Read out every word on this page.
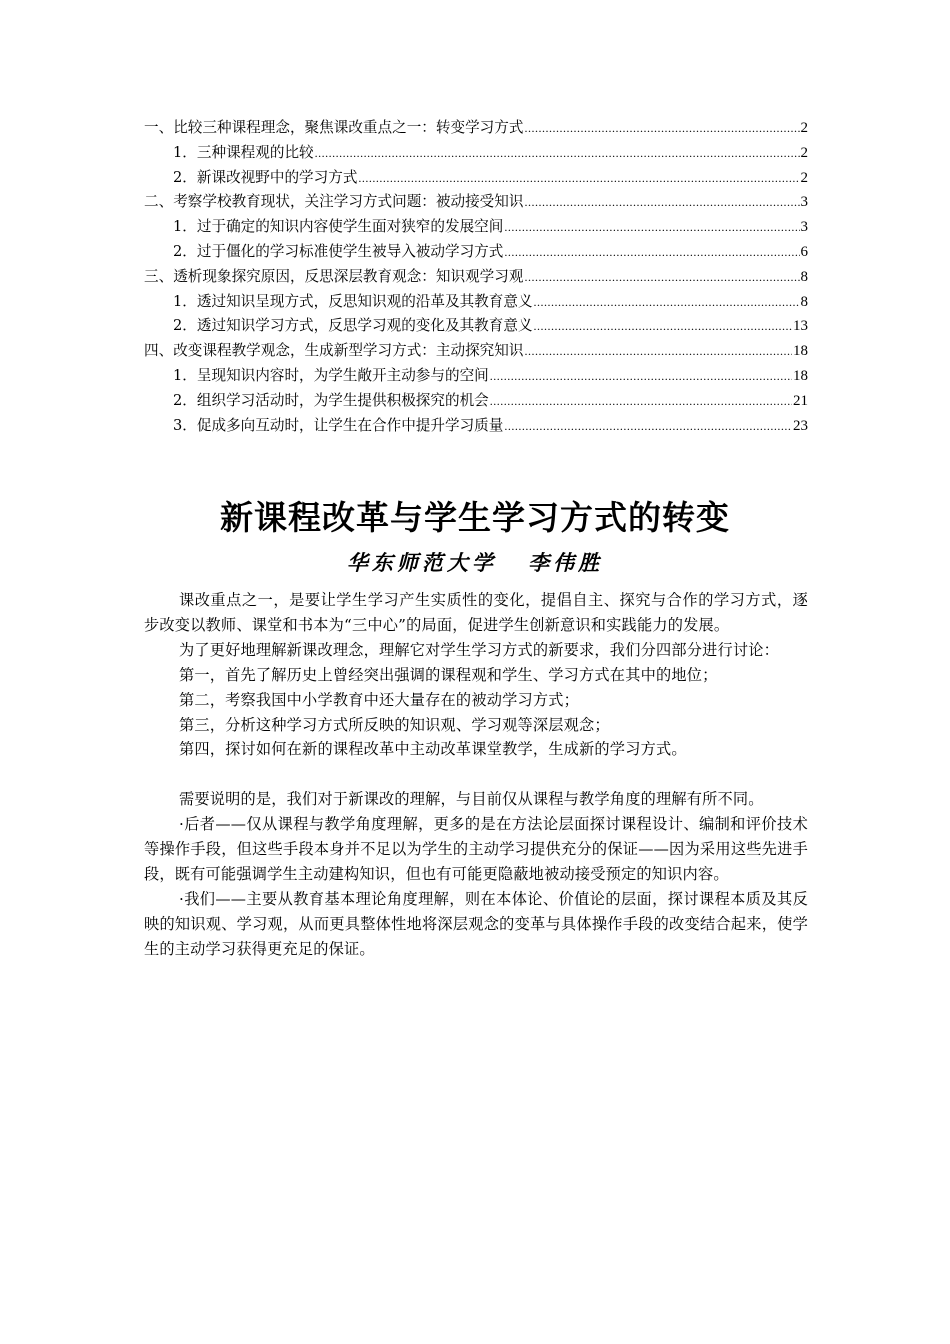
一、比较三种课程理念，聚焦课改重点之一：转变学习方式 .....	2
1．三种课程观的比较 .....	2
2．新课改视野中的学习方式 .....	2
二、考察学校教育现状，关注学习方式问题：被动接受知识 .....	3
1．过于确定的知识内容使学生面对狭窄的发展空间 .....	3
2．过于僵化的学习标准使学生被导入被动学习方式 .....	6
三、透析现象探究原因，反思深层教育观念：知识观学习观 .....	8
1．透过知识呈现方式，反思知识观的沿革及其教育意义 .....	8
2．透过知识学习方式，反思学习观的变化及其教育意义 .....	13
四、改变课程教学观念，生成新型学习方式：主动探究知识 .....	18
1．呈现知识内容时，为学生敞开主动参与的空间 .....	18
2．组织学习活动时，为学生提供积极探究的机会 .....	21
3．促成多向互动时，让学生在合作中提升学习质量 .....	23
新课程改革与学生学习方式的转变
华东师范大学 李伟胜

课改重点之一，是要让学生学习产生实质性的变化，提倡自主、探究与合作的学习方式，逐步改变以教师、课堂和书本为“三中心”的局面，促进学生创新意识和实践能力的发展。

为了更好地理解新课改理念，理解它对学生学习方式的新要求，我们分四部分进行讨论：

第一，首先了解历史上曾经突出强调的课程观和学生、学习方式在其中的地位；

第二，考察我国中小学教育中还大量存在的被动学习方式；

第三，分析这种学习方式所反映的知识观、学习观等深层观念；

第四，探讨如何在新的课程改革中主动改革课堂教学，生成新的学习方式。

需要说明的是，我们对于新课改的理解，与目前仅从课程与教学角度的理解有所不同。

·后者——仅从课程与教学角度理解，更多的是在方法论层面探讨课程设计、编制和评价技术等操作手段，但这些手段本身并不足以为学生的主动学习提供充分的保证——因为采用这些先进手段，既有可能强调学生主动建构知识，但也有可能更隐蔽地被动接受预定的知识内容。

·我们——主要从教育基本理论角度理解，则在本体论、价值论的层面，探讨课程本质及其反映的知识观、学习观，从而更具整体性地将深层观念的变革与具体操作手段的改变结合起来，使学生的主动学习获得更充足的保证。
